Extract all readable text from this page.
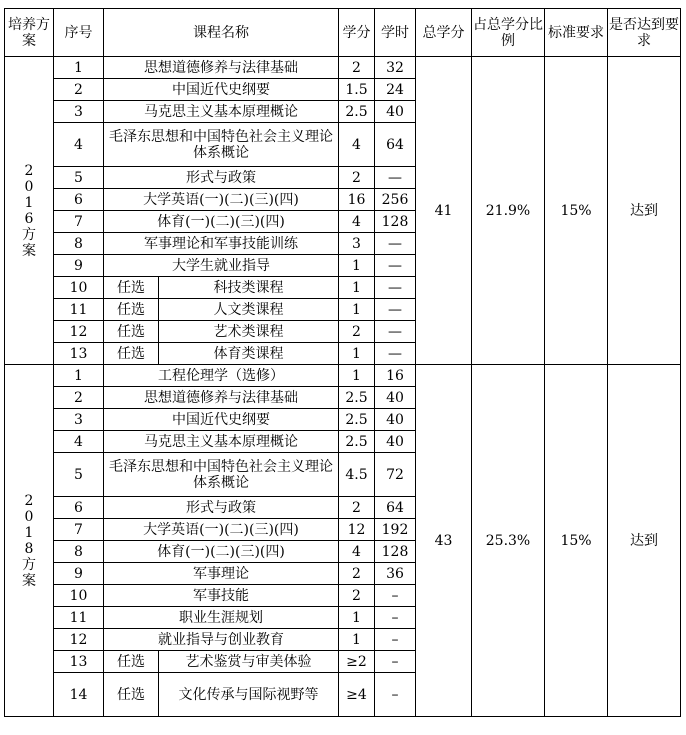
培养方案	序号	课程名称		学分	学时	总学分	占总学分比例	标准要求	是否达到要求

2016方案	1	思想道德修养与法律基础		2	32	41	21.9%	15%	达到
	2	中国近代史纲要		1.5	24				
	3	马克思主义基本原理概论		2.5	40				
	4	毛泽东思想和中国特色社会主义理论体系概论		4	64				
	5	形式与政策		2	—				
	6	大学英语(一)(二)(三)(四)		16	256				
	7	体育(一)(二)(三)(四)		4	128				
	8	军事理论和军事技能训练		3	—				
	9	大学生就业指导		1	—				
	10	任选	科技类课程	1	—				
	11	任选	人文类课程	1	—				
	12	任选	艺术类课程	2	—				
	13	任选	体育类课程	1	—				

2018方案	1	工程伦理学（选修）		1	16	43	25.3%	15%	达到
	2	思想道德修养与法律基础		2.5	40				
	3	中国近代史纲要		2.5	40				
	4	马克思主义基本原理概论		2.5	40				
	5	毛泽东思想和中国特色社会主义理论体系概论		4.5	72				
	6	形式与政策		2	64				
	7	大学英语(一)(二)(三)(四)		12	192				
	8	体育(一)(二)(三)(四)		4	128				
	9	军事理论		2	36				
	10	军事技能		2	–				
	11	职业生涯规划		1	–				
	12	就业指导与创业教育		1	–				
	13	任选	艺术鉴赏与审美体验	≥2	–				
	14	任选	文化传承与国际视野等	≥4	–				
